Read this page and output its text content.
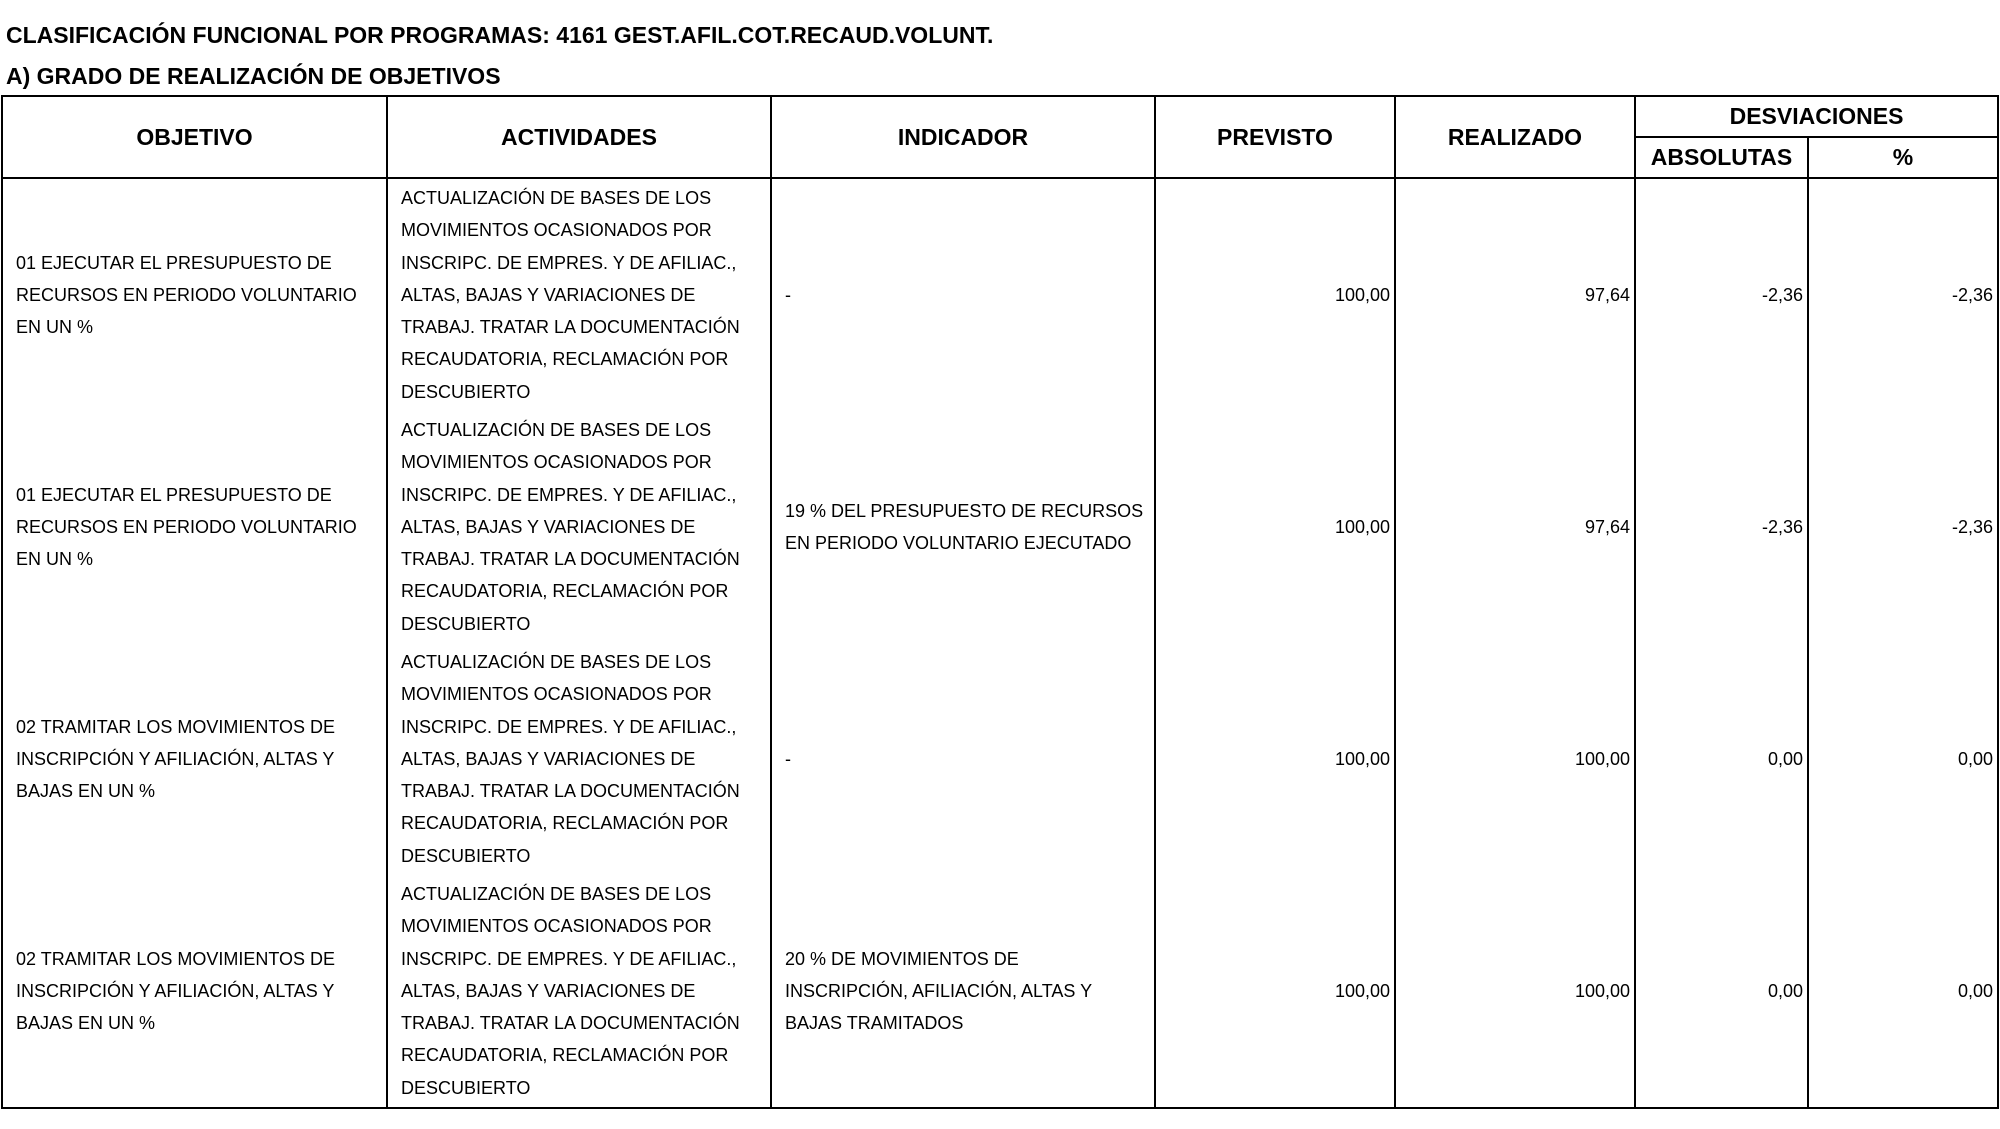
CLASIFICACIÓN FUNCIONAL POR PROGRAMAS: 4161 GEST.AFIL.COT.RECAUD.VOLUNT.
A) GRADO DE REALIZACIÓN DE OBJETIVOS
OBJETIVO	ACTIVIDADES	INDICADOR	PREVISTO	REALIZADO	DESVIACIONES	
					ABSOLUTAS	%
01 EJECUTAR EL PRESUPUESTO DE RECURSOS EN PERIODO VOLUNTARIO EN UN %	ACTUALIZACIÓN DE BASES DE LOS MOVIMIENTOS OCASIONADOS POR INSCRIPC. DE EMPRES. Y DE AFILIAC., ALTAS, BAJAS Y VARIACIONES DE TRABAJ. TRATAR LA DOCUMENTACIÓN RECAUDATORIA, RECLAMACIÓN POR DESCUBIERTO	-	100,00	97,64	-2,36	-2,36
01 EJECUTAR EL PRESUPUESTO DE RECURSOS EN PERIODO VOLUNTARIO EN UN %	ACTUALIZACIÓN DE BASES DE LOS MOVIMIENTOS OCASIONADOS POR INSCRIPC. DE EMPRES. Y DE AFILIAC., ALTAS, BAJAS Y VARIACIONES DE TRABAJ. TRATAR LA DOCUMENTACIÓN RECAUDATORIA, RECLAMACIÓN POR DESCUBIERTO	19 % DEL PRESUPUESTO DE RECURSOS EN PERIODO VOLUNTARIO EJECUTADO	100,00	97,64	-2,36	-2,36
02 TRAMITAR LOS MOVIMIENTOS DE INSCRIPCIÓN Y AFILIACIÓN, ALTAS Y BAJAS EN UN %	ACTUALIZACIÓN DE BASES DE LOS MOVIMIENTOS OCASIONADOS POR INSCRIPC. DE EMPRES. Y DE AFILIAC., ALTAS, BAJAS Y VARIACIONES DE TRABAJ. TRATAR LA DOCUMENTACIÓN RECAUDATORIA, RECLAMACIÓN POR DESCUBIERTO	-	100,00	100,00	0,00	0,00
02 TRAMITAR LOS MOVIMIENTOS DE INSCRIPCIÓN Y AFILIACIÓN, ALTAS Y BAJAS EN UN %	ACTUALIZACIÓN DE BASES DE LOS MOVIMIENTOS OCASIONADOS POR INSCRIPC. DE EMPRES. Y DE AFILIAC., ALTAS, BAJAS Y VARIACIONES DE TRABAJ. TRATAR LA DOCUMENTACIÓN RECAUDATORIA, RECLAMACIÓN POR DESCUBIERTO	20 % DE MOVIMIENTOS DE INSCRIPCIÓN, AFILIACIÓN, ALTAS Y BAJAS TRAMITADOS	100,00	100,00	0,00	0,00
